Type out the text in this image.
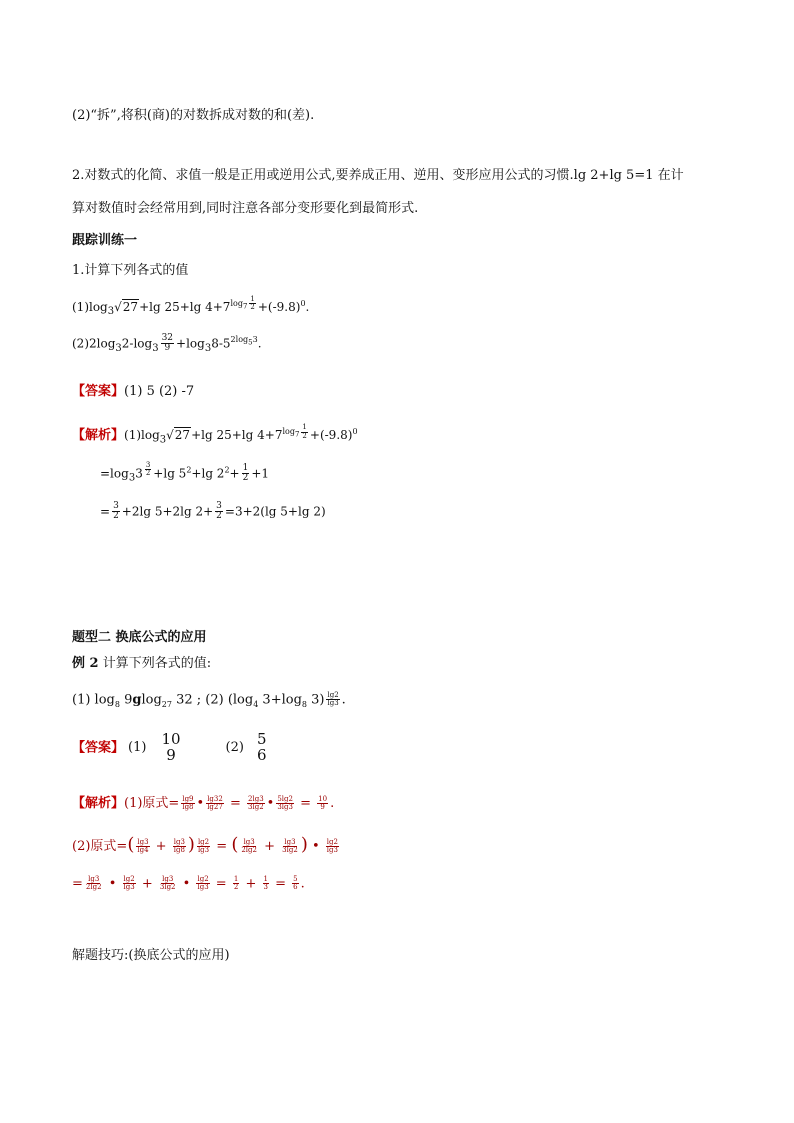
(2)“拆”,将积(商)的对数拆成对数的和(差).
2.对数式的化简、求值一般是正用或逆用公式,要养成正用、逆用、变形应用公式的习惯.lg 2+lg 5=1 在计
算对数值时会经常用到,同时注意各部分变形要化到最简形式.
跟踪训练一
1.计算下列各式的值
$(1)\log_3√27+\lg$ 25+lg $4+7^{log_7 \frac{1}{2}} +(-9.8)^0$.
$(2)2\log_32-\log_3 \frac{32}{9} +\log_38-5^{2log_53}$.
【答案】(1) 5 (2) -7
【解析】$(1)\log_3√27+\lg$ 25+lg $4+7^{log_7 \frac{1}{2}} +(-9.8)^0$
$=\log_33$ $^{\frac{3}{2}}$ +lg $5^2+\lg$ $2^2+ \frac{1}{2} +1$
= $\frac{3}{2} +2\lg$ 5+2lg $2+ \frac{3}{2} =3+2(\lg$ 5+lg 2)
题型二 换底公式的应用
例 2 计算下列各式的值:
(1) $\log_8 9glog_{27}$ 32 ; (2) ($\log_4$ $3+\log_8$ $3) \frac{\lg 2}{\lg 3}$ .
【答案】 (1) 10
9	(2) 5
6
【解析】(1)原式= $\frac{\lg 9}{\lg 8}$ • $\frac{\lg 32}{\lg 27} = \frac{2\lg 3}{3\lg 2}$ • $\frac{5\lg 2}{3\lg 3} = \frac{10}{9}$ .
(2)原式=( $\frac{\lg 3}{\lg 4} + \frac{\lg 3}{\lg 8}$ ) $\frac{\lg 2}{\lg 3}$ = ( $\frac{\lg 3}{2\lg 2} + \frac{\lg 3}{3\lg 2}$ ) • $\frac{\lg 2}{\lg 3}$
= $\frac{\lg 3}{2\lg 2}$ • $\frac{\lg 2}{\lg 3} + \frac{\lg 3}{3\lg 2}$ • $\frac{\lg 2}{\lg 3} = \frac{1}{2} + \frac{1}{3} = \frac{5}{6}$ .
解题技巧:(换底公式的应用)
